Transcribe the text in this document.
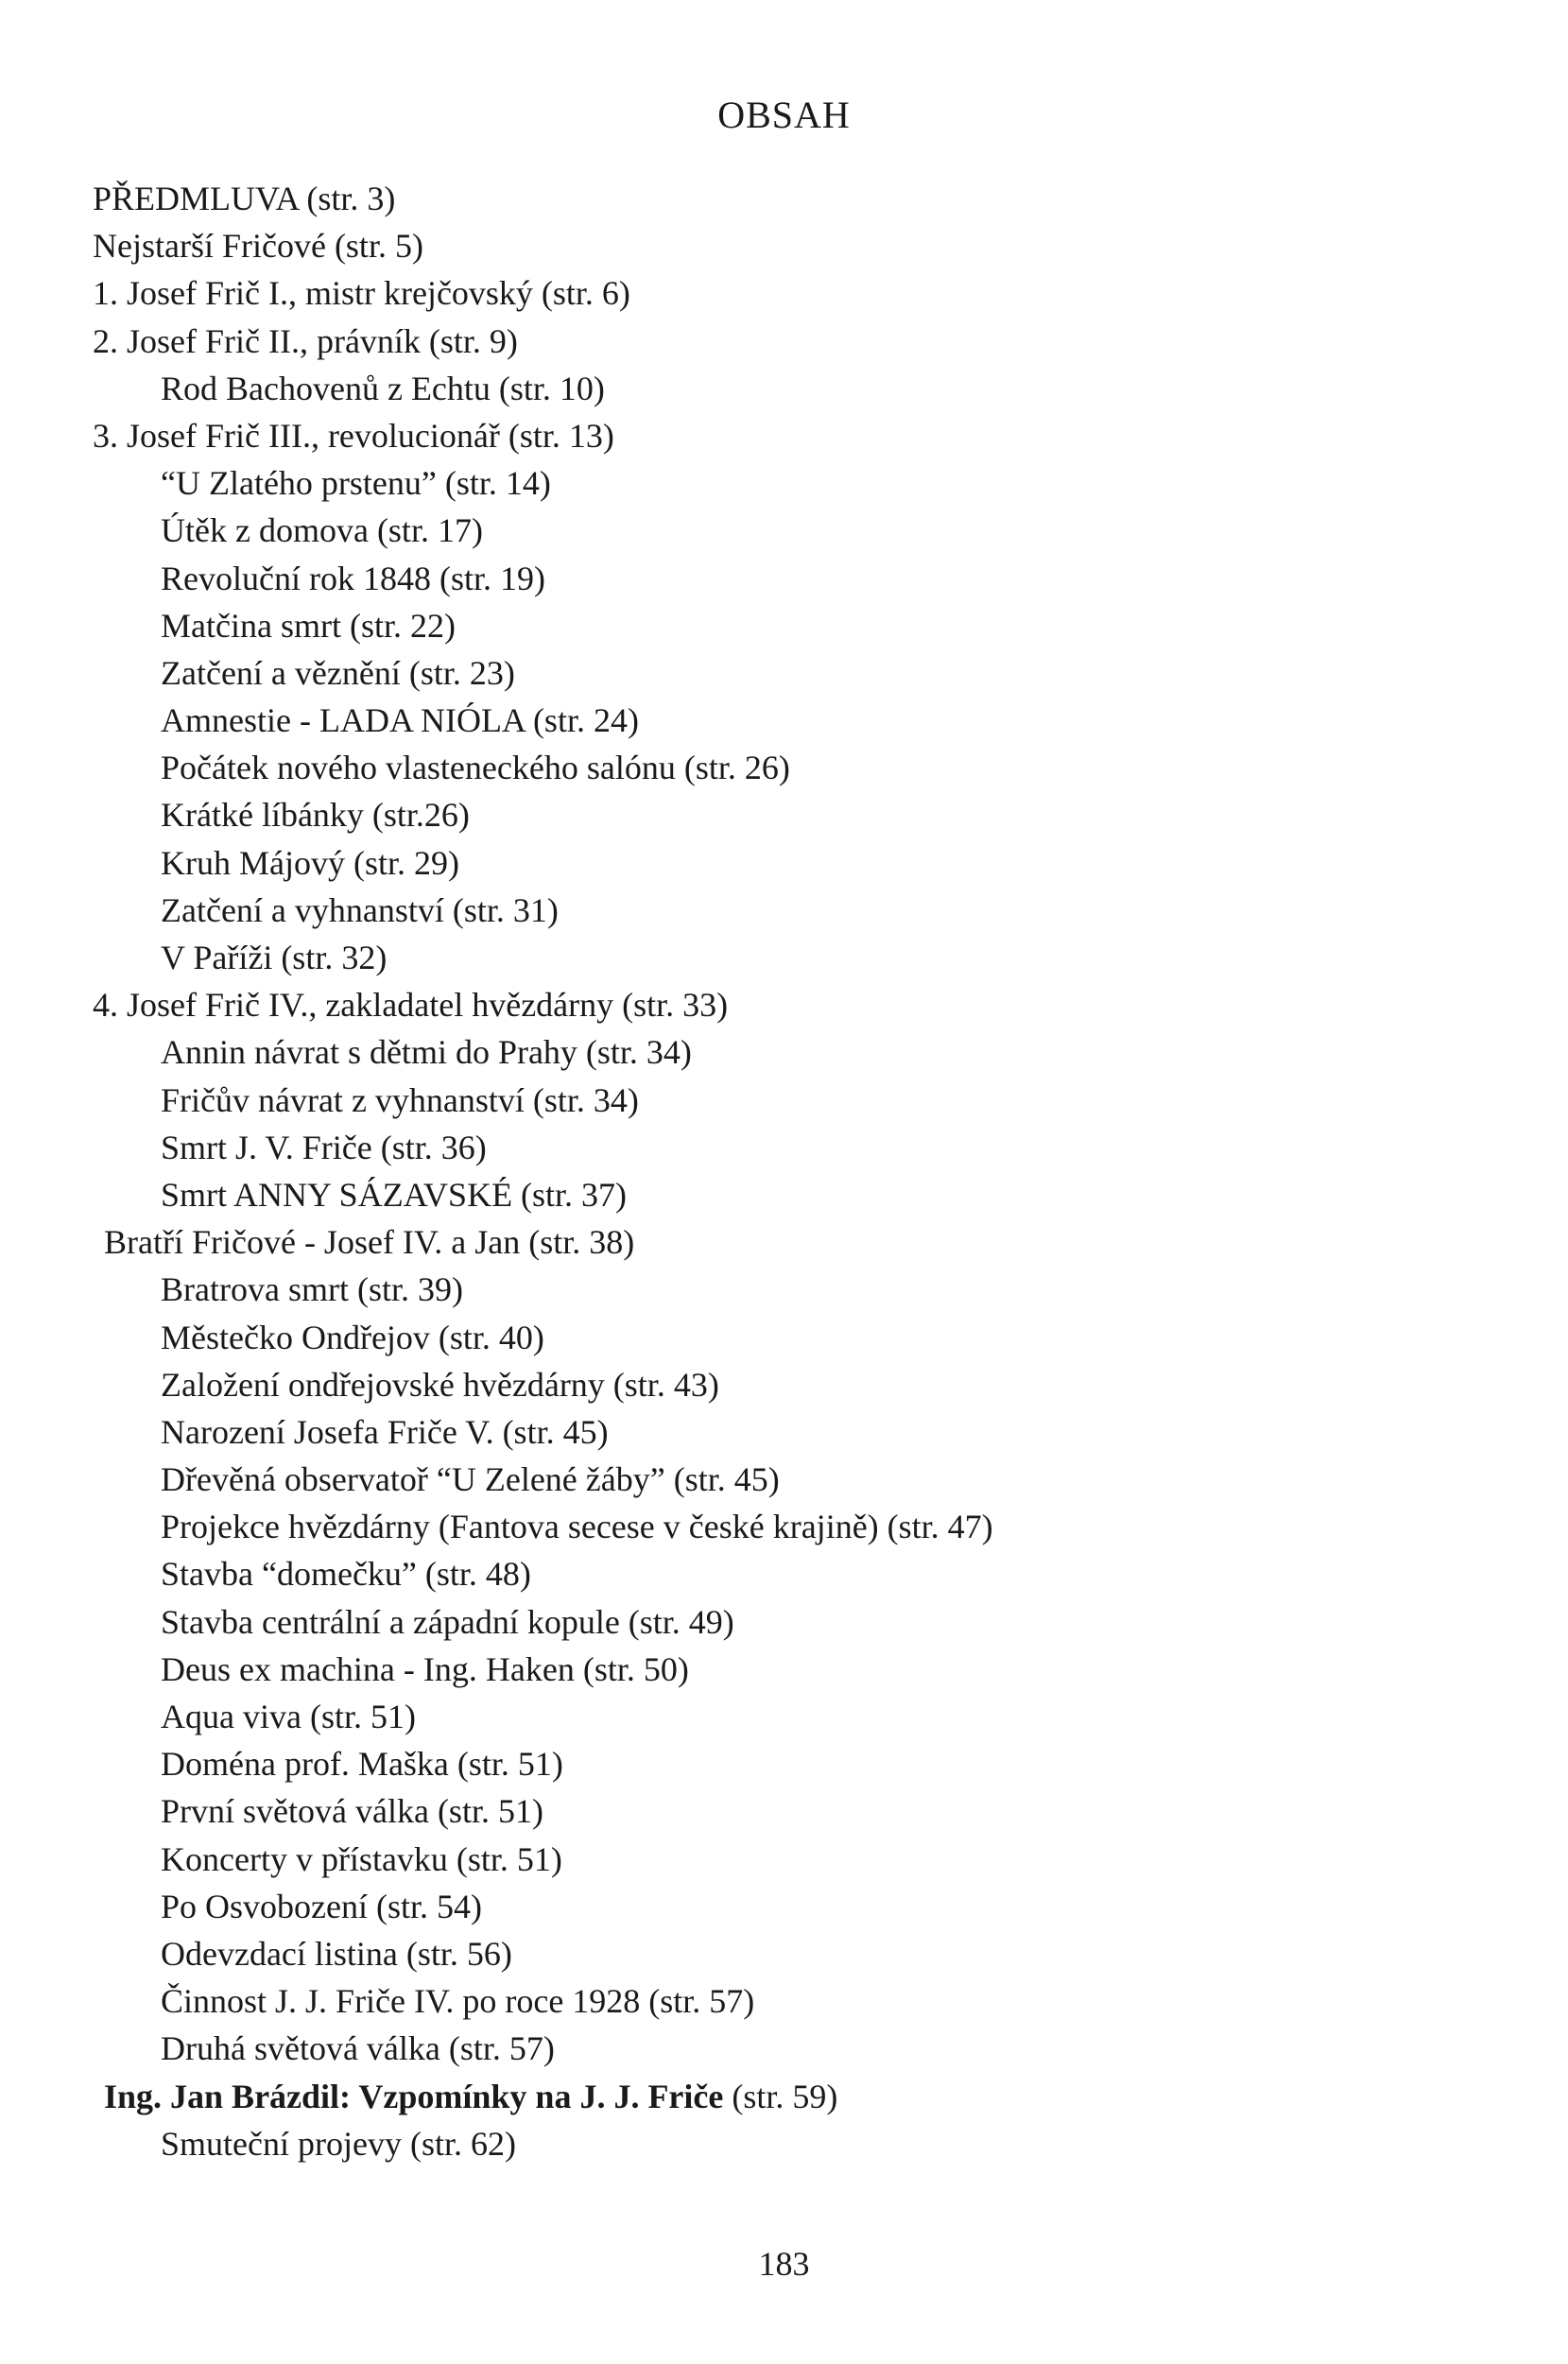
OBSAH
PŘEDMLUVA (str. 3)
Nejstarší Fričové (str. 5)
1. Josef Frič I., mistr krejčovský (str. 6)
2. Josef Frič II., právník (str. 9)
Rod Bachovenů z Echtu (str. 10)
3. Josef Frič III., revolucionář (str. 13)
“U Zlatého prstenu” (str. 14)
Útěk z domova (str. 17)
Revoluční rok 1848 (str. 19)
Matčina smrt (str. 22)
Zatčení a věznění (str. 23)
Amnestie - LADA NIÓLA (str. 24)
Počátek nového vlasteneckého salónu (str. 26)
Krátké líbánky (str.26)
Kruh Májový (str. 29)
Zatčení a vyhnanství (str. 31)
V Paříži (str. 32)
4. Josef Frič IV., zakladatel hvězdárny (str. 33)
Annin návrat s dětmi do Prahy (str. 34)
Fričův návrat z vyhnanství (str. 34)
Smrt J. V. Friče (str. 36)
Smrt ANNY SÁZAVSKÉ (str. 37)
Bratří Fričové - Josef IV. a Jan (str. 38)
Bratrova smrt (str. 39)
Městečko Ondřejov (str. 40)
Založení ondřejovské hvězdárny (str. 43)
Narození Josefa Friče V. (str. 45)
Dřevěná observatoř “U Zelené žáby” (str. 45)
Projekce hvězdárny (Fantova secese v české krajině) (str. 47)
Stavba “domečku” (str. 48)
Stavba centrální a západní kopule (str. 49)
Deus ex machina - Ing. Haken (str. 50)
Aqua viva (str. 51)
Doména prof. Maška (str. 51)
První světová válka (str. 51)
Koncerty v přístavku (str. 51)
Po Osvobození (str. 54)
Odevzdací listina (str. 56)
Činnost J. J. Friče IV. po roce 1928 (str. 57)
Druhá světová válka (str. 57)
Ing. Jan Brázdil: Vzpomínky na J. J. Friče (str. 59)
Smuteční projevy (str. 62)
183
